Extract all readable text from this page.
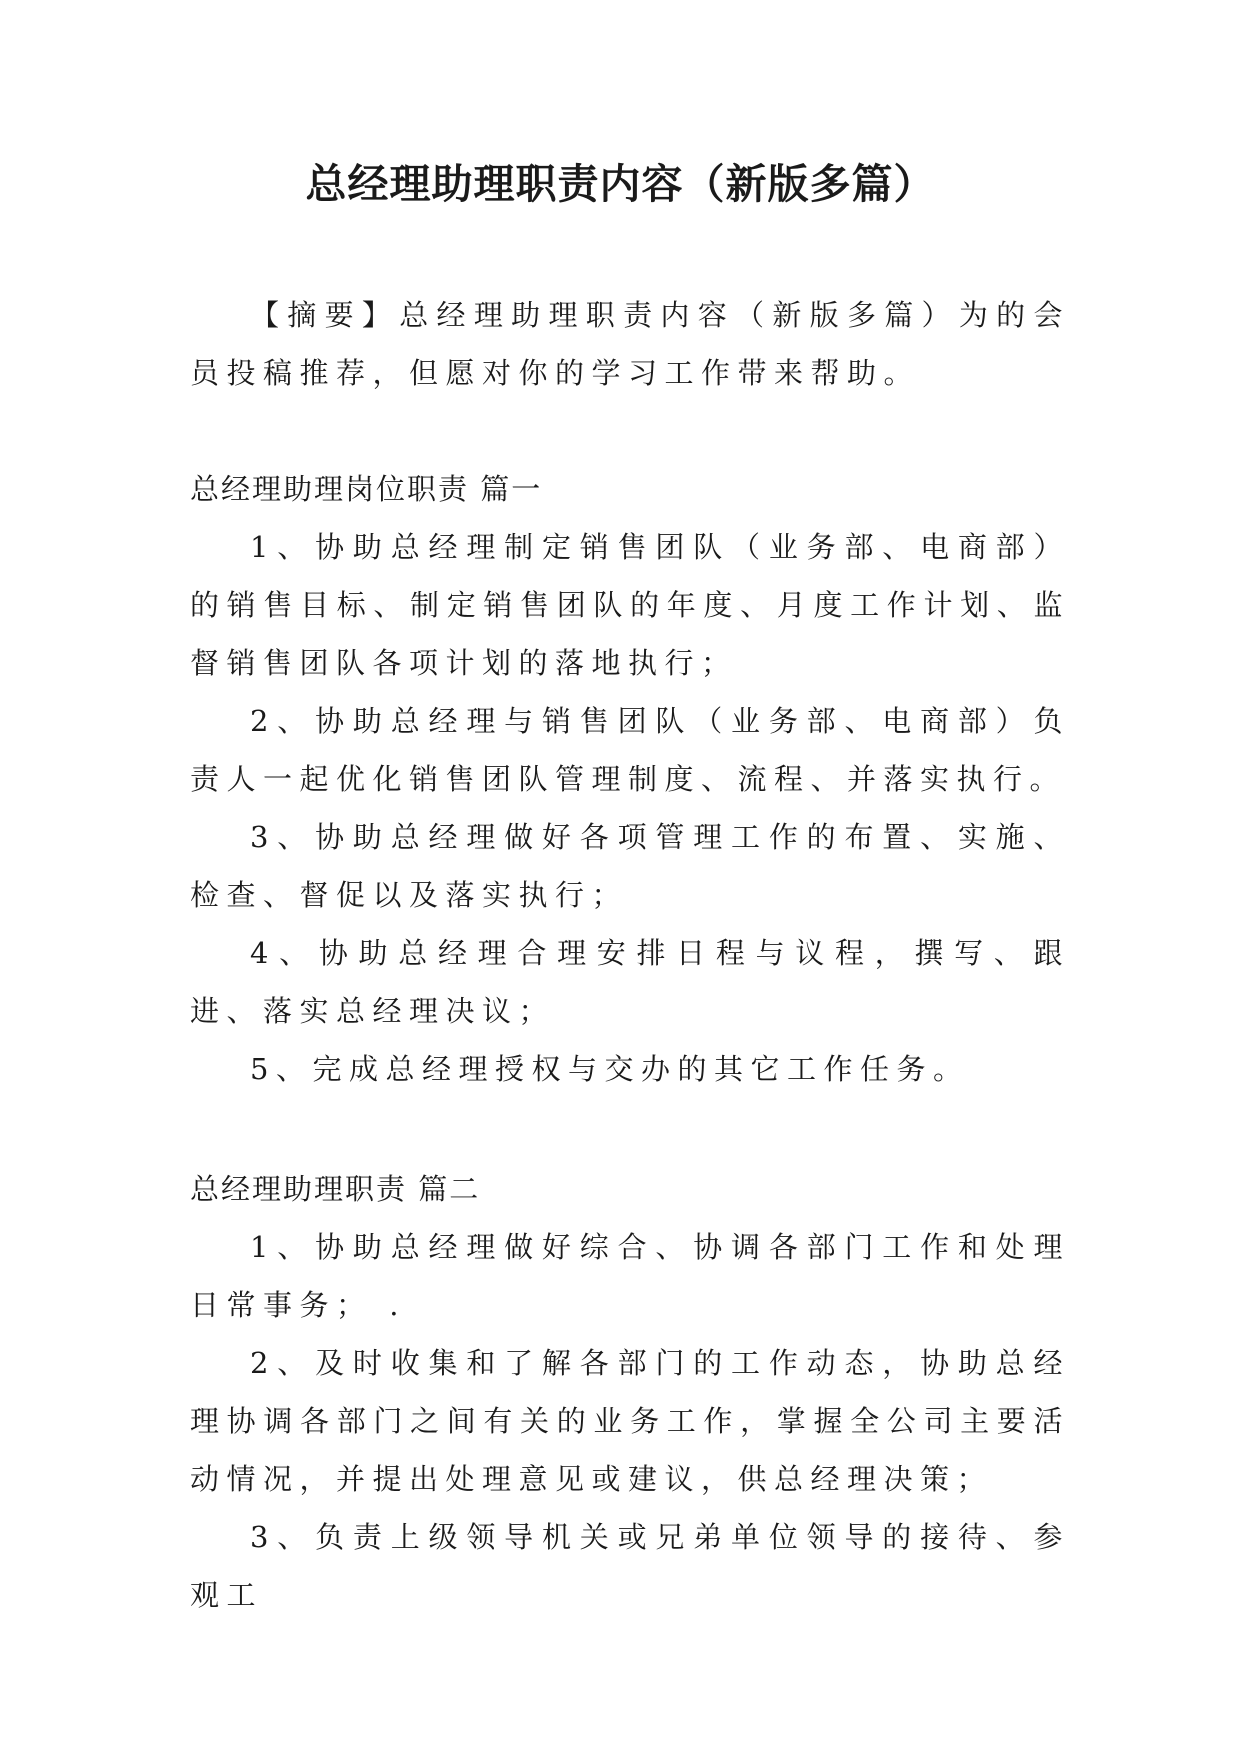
总经理助理职责内容（新版多篇）

【摘要】总经理助理职责内容（新版多篇）为的会员投稿推荐，但愿对你的学习工作带来帮助。

总经理助理岗位职责 篇一

1、协助总经理制定销售团队（业务部、电商部）的销售目标、制定销售团队的年度、月度工作计划、监督销售团队各项计划的落地执行；

2、协助总经理与销售团队（业务部、电商部）负责人一起优化销售团队管理制度、流程、并落实执行。

3、协助总经理做好各项管理工作的布置、实施、检查、督促以及落实执行；

4、协助总经理合理安排日程与议程，撰写、跟进、落实总经理决议；

5、完成总经理授权与交办的其它工作任务。

总经理助理职责 篇二

1、协助总经理做好综合、协调各部门工作和处理日常事务； .

2、及时收集和了解各部门的工作动态，协助总经理协调各部门之间有关的业务工作，掌握全公司主要活动情况，并提出处理意见或建议，供总经理决策；

3、负责上级领导机关或兄弟单位领导的接待、参观工
